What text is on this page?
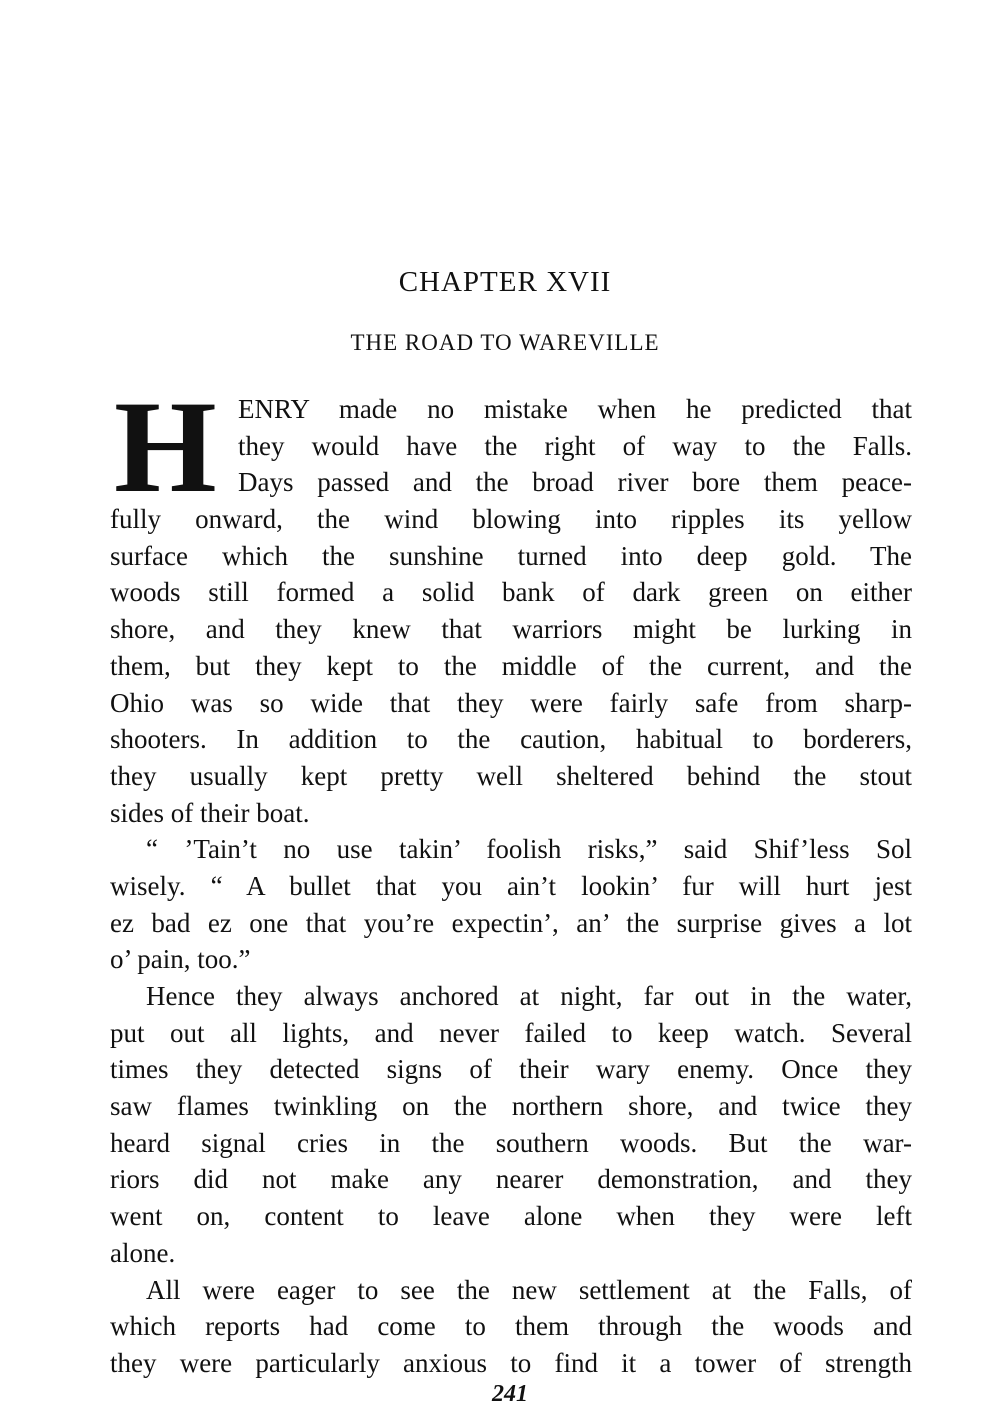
CHAPTER XVII
THE ROAD TO WAREVILLE
H ENRY made no mistake when he predicted that
they would have the right of way to the Falls.
Days passed and the broad river bore them peace-
fully onward, the wind blowing into ripples its yellow
surface which the sunshine turned into deep gold. The
woods still formed a solid bank of dark green on either
shore, and they knew that warriors might be lurking in
them, but they kept to the middle of the current, and the
Ohio was so wide that they were fairly safe from sharp-
shooters. In addition to the caution, habitual to borderers,
they usually kept pretty well sheltered behind the stout
sides of their boat.
“ ’Tain’t no use takin’ foolish risks,” said Shif’less Sol
wisely. “ A bullet that you ain’t lookin’ fur will hurt jest
ez bad ez one that you’re expectin’, an’ the surprise gives a lot
o’ pain, too.”
Hence they always anchored at night, far out in the water,
put out all lights, and never failed to keep watch. Several
times they detected signs of their wary enemy. Once they
saw flames twinkling on the northern shore, and twice they
heard signal cries in the southern woods. But the war-
riors did not make any nearer demonstration, and they
went on, content to leave alone when they were left
alone.
All were eager to see the new settlement at the Falls, of
which reports had come to them through the woods and
they were particularly anxious to find it a tower of strength
241
